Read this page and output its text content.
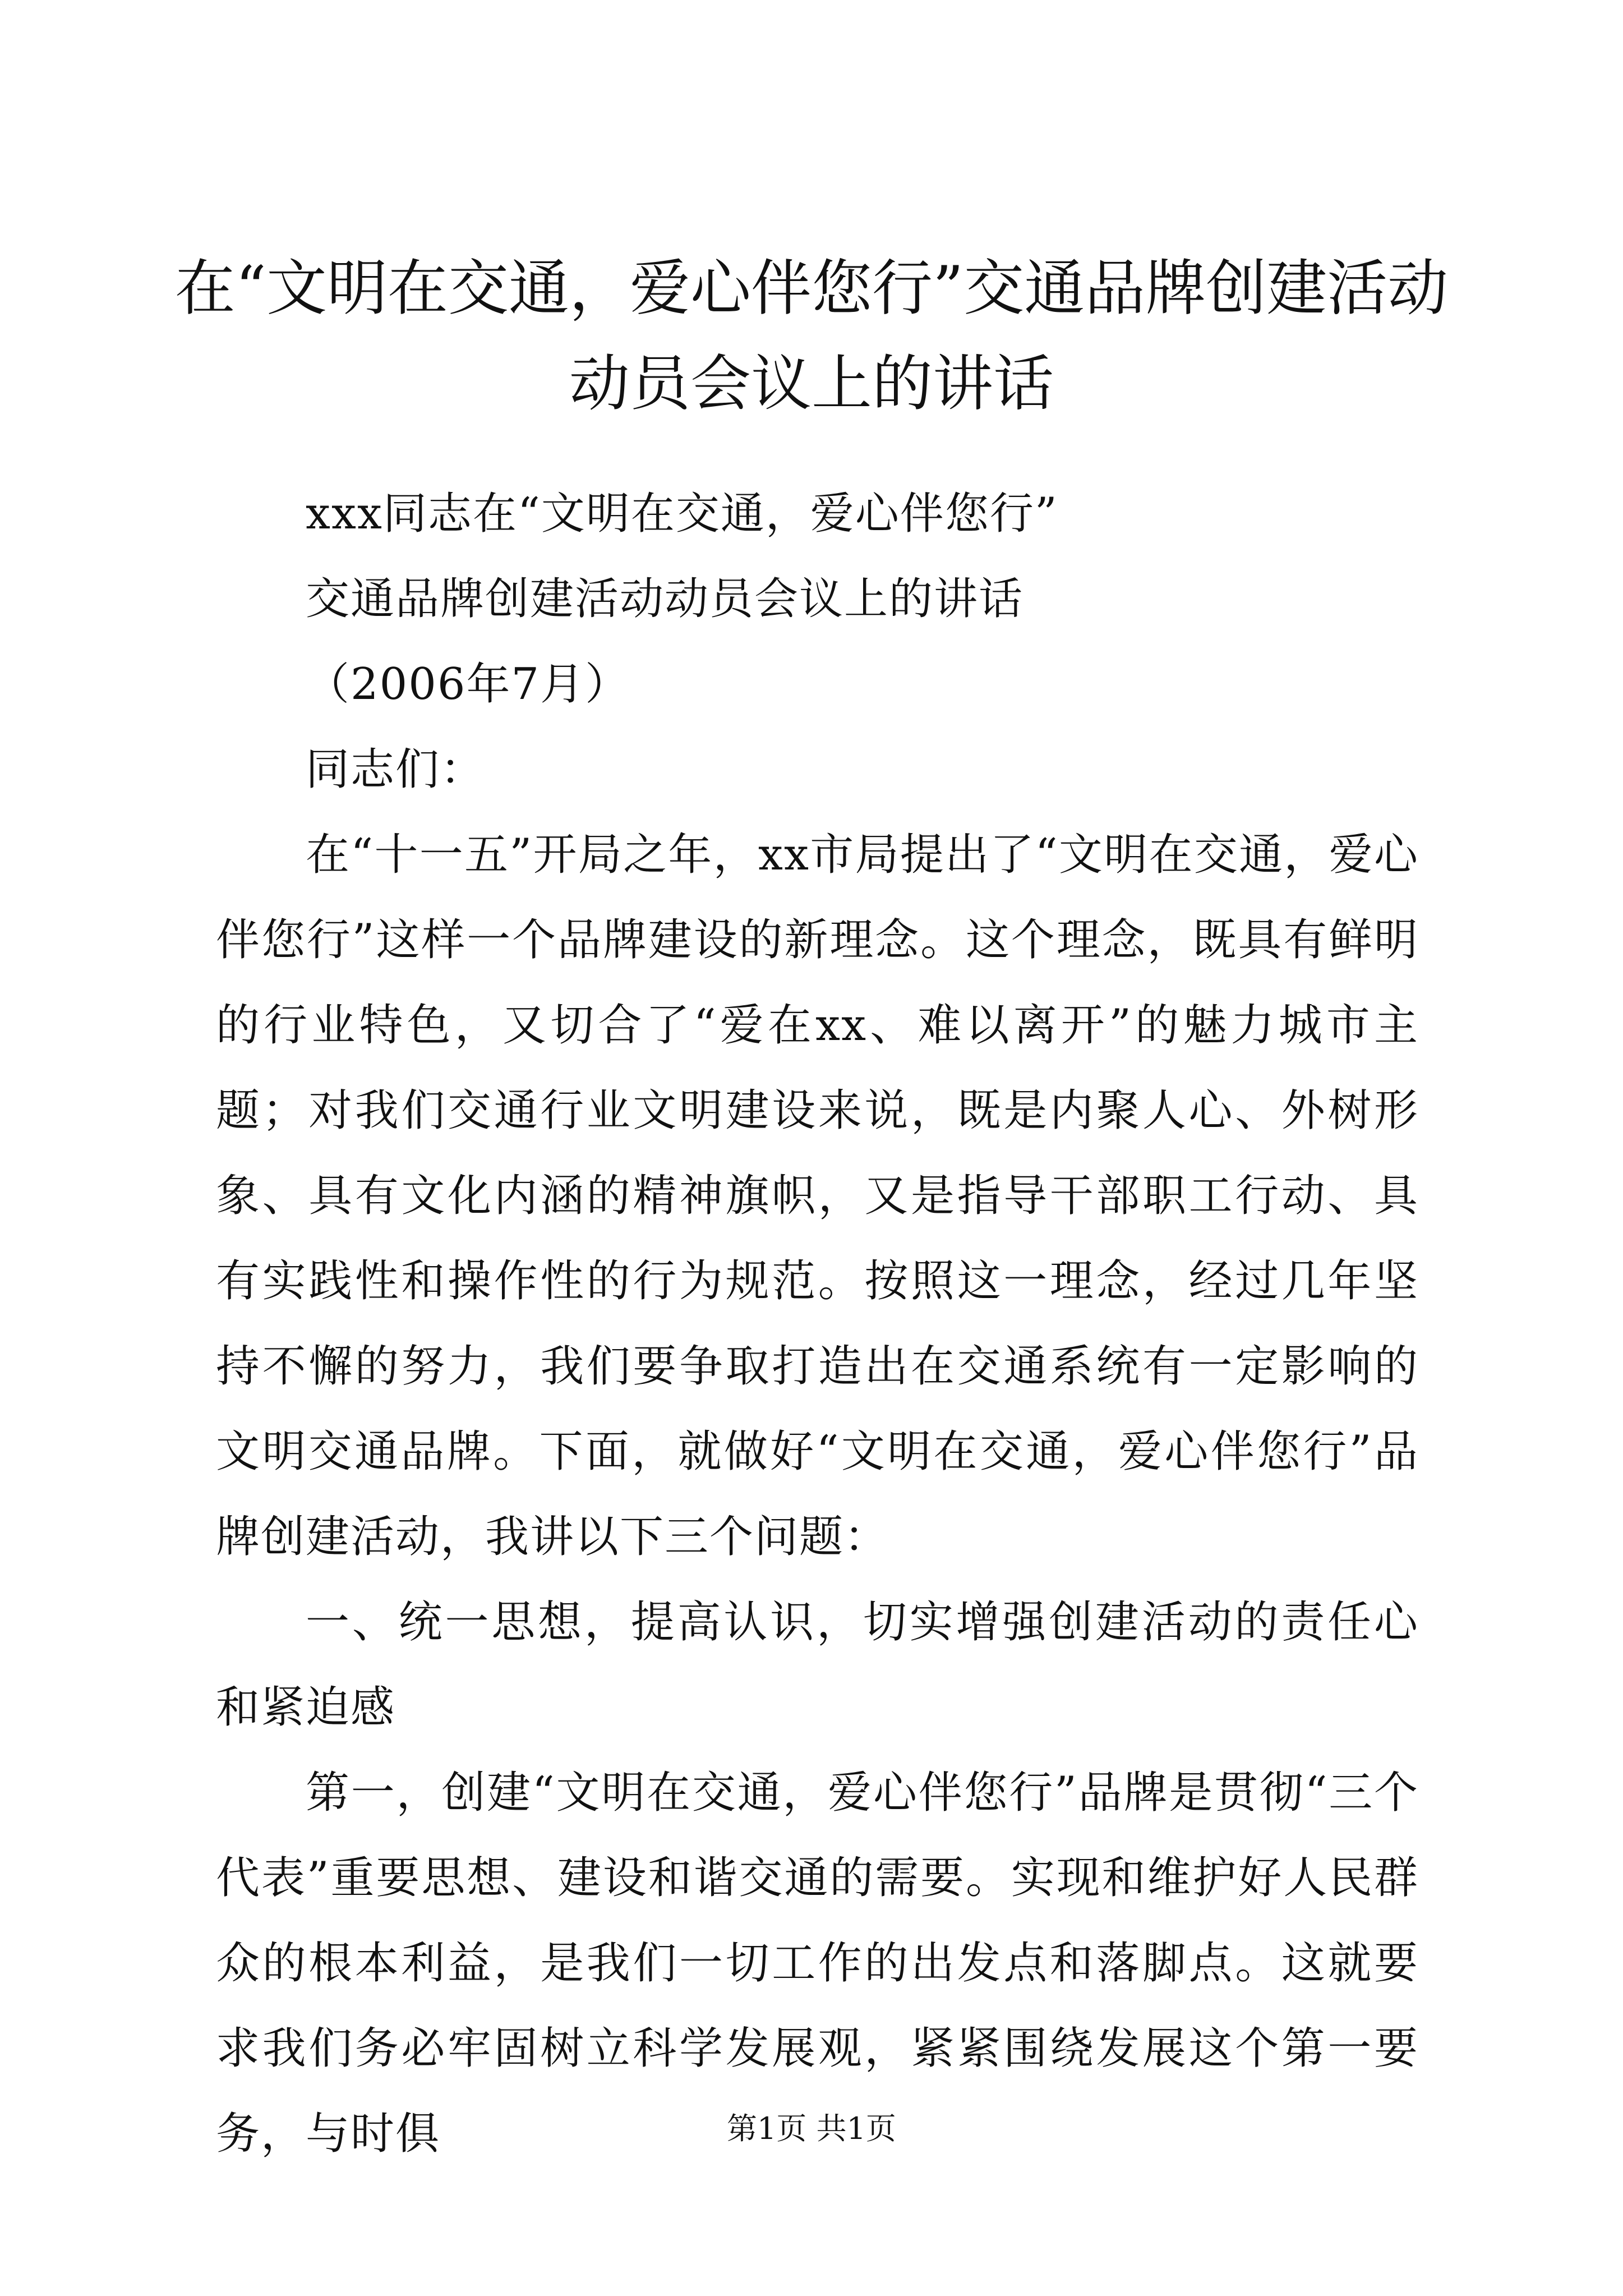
在“文明在交通，爱心伴您行”交通品牌创建活动动员会议上的讲话

xxx同志在“文明在交通，爱心伴您行”

交通品牌创建活动动员会议上的讲话

（2006年7月）

同志们：

在“十一五”开局之年，xx市局提出了“文明在交通，爱心伴您行”这样一个品牌建设的新理念。这个理念，既具有鲜明的行业特色，又切合了“爱在xx、难以离开”的魅力城市主题；对我们交通行业文明建设来说，既是内聚人心、外树形象、具有文化内涵的精神旗帜，又是指导干部职工行动、具有实践性和操作性的行为规范。按照这一理念，经过几年坚持不懈的努力，我们要争取打造出在交通系统有一定影响的文明交通品牌。下面，就做好“文明在交通，爱心伴您行”品牌创建活动，我讲以下三个问题：

一、统一思想，提高认识，切实增强创建活动的责任心和紧迫感

第一，创建“文明在交通，爱心伴您行”品牌是贯彻“三个代表”重要思想、建设和谐交通的需要。实现和维护好人民群众的根本利益，是我们一切工作的出发点和落脚点。这就要求我们务必牢固树立科学发展观，紧紧围绕发展这个第一要务，与时俱	第1页 共1页
